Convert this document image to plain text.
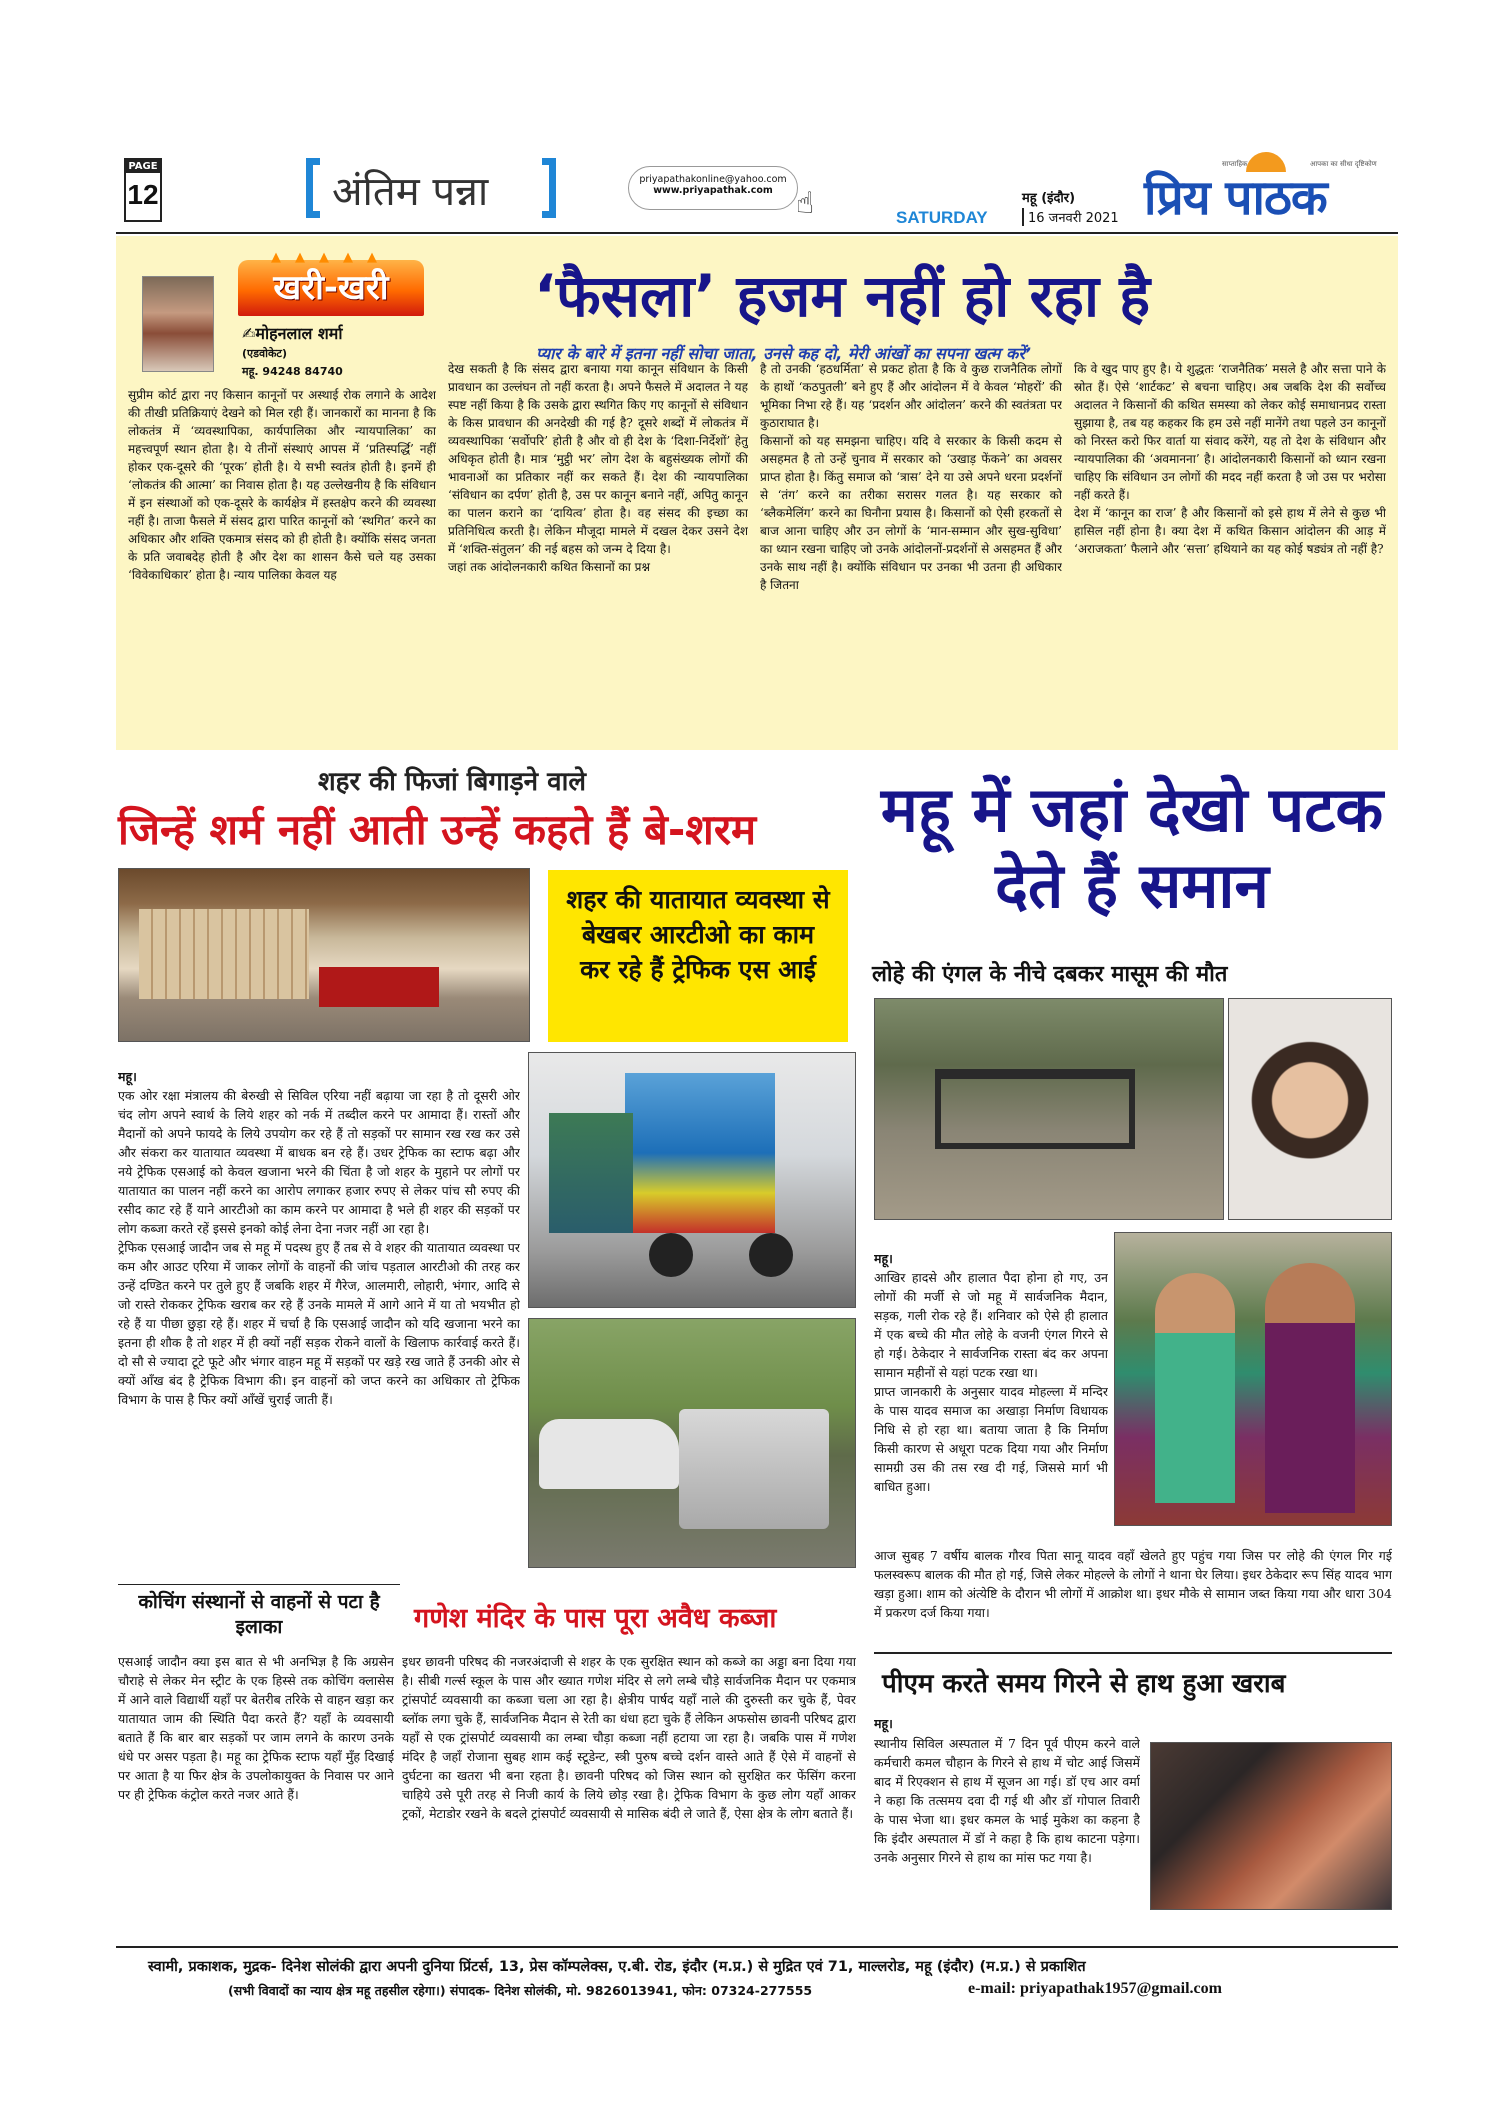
PAGE
12	अंतिम पन्ना	priyapathakonline@yahoo.com
www.priyapathak.com ☝	SATURDAY
महू (इंदौर)
16 जनवरी 2021
साप्ताहिक	आपका का सीधा दृष्टिकोण
प्रिय पाठक
▲▲▲▲▲
खरी-खरी
✍मोहनलाल शर्मा
(एडवोकेट)
महू. 94248 84740
‘फैसला’ हजम नहीं हो रहा है
प्यार के बारे में इतना नहीं सोचा जाता, उनसे कह दो, मेरी आंखों का सपना खत्म करें’
सुप्रीम कोर्ट द्वारा नए किसान कानूनों पर अस्थाई रोक लगाने के आदेश की तीखी प्रतिक्रियाएं देखने को मिल रही हैं। जानकारों का मानना है कि लोकतंत्र में ‘व्यवस्थापिका, कार्यपालिका और न्यायपालिका’ का महत्त्वपूर्ण स्थान होता है। ये तीनों संस्थाएं आपस में ‘प्रतिस्पर्द्धि’ नहीं होकर एक-दूसरे की ‘पूरक’ होती है। ये सभी स्वतंत्र होती है। इनमें ही ‘लोकतंत्र की आत्मा’ का निवास होता है। यह उल्लेखनीय है कि संविधान में इन संस्थाओं को एक-दूसरे के कार्यक्षेत्र में हस्तक्षेप करने की व्यवस्था नहीं है। ताजा फैसले में संसद द्वारा पारित कानूनों को ‘स्थगित’ करने का अधिकार और शक्ति एकमात्र संसद को ही होती है। क्योंकि संसद जनता के प्रति जवाबदेह होती है और देश का शासन कैसे चले यह उसका ‘विवेकाधिकार’ होता है। न्याय पालिका केवल यह
देख सकती है कि संसद द्वारा बनाया गया कानून संविधान के किसी प्रावधान का उल्लंघन तो नहीं करता है। अपने फैसले में अदालत ने यह स्पष्ट नहीं किया है कि उसके द्वारा स्थगित किए गए कानूनों से संविधान के किस प्रावधान की अनदेखी की गई है? दूसरे शब्दों में लोकतंत्र में व्यवस्थापिका ‘सर्वोपरि’ होती है और वो ही देश के ‘दिशा-निर्देशों’ हेतु अधिकृत होती है। मात्र ‘मुट्ठी भर’ लोग देश के बहुसंख्यक लोगों की भावनाओं का प्रतिकार नहीं कर सकते हैं। देश की न्यायपालिका ‘संविधान का दर्पण’ होती है, उस पर कानून बनाने नहीं, अपितु कानून का पालन कराने का ‘दायित्व’ होता है। वह संसद की इच्छा का प्रतिनिधित्व करती है। लेकिन मौजूदा मामले में दखल देकर उसने देश में ‘शक्ति-संतुलन’ की नई बहस को जन्म दे दिया है।
जहां तक आंदोलनकारी कथित किसानों का प्रश्न
है तो उनकी ‘हठधर्मिता’ से प्रकट होता है कि वे कुछ राजनैतिक लोगों के हाथों ‘कठपुतली’ बने हुए हैं और आंदोलन में वे केवल ‘मोहरों’ की भूमिका निभा रहे हैं। यह ‘प्रदर्शन और आंदोलन’ करने की स्वतंत्रता पर कुठाराघात है।
किसानों को यह समझना चाहिए। यदि वे सरकार के किसी कदम से असहमत है तो उन्हें चुनाव में सरकार को ‘उखाड़ फेंकने’ का अवसर प्राप्त होता है। किंतु समाज को ‘त्रास’ देने या उसे अपने धरना प्रदर्शनों से ‘तंग’ करने का तरीका सरासर गलत है। यह सरकार को ‘ब्लैकमेलिंग’ करने का घिनौना प्रयास है। किसानों को ऐसी हरकतों से बाज आना चाहिए और उन लोगों के ‘मान-सम्मान और सुख-सुविधा’ का ध्यान रखना चाहिए जो उनके आंदोलनों-प्रदर्शनों से असहमत हैं और उनके साथ नहीं है। क्योंकि संविधान पर उनका भी उतना ही अधिकार है जितना
कि वे खुद पाए हुए है। ये शुद्धतः ‘राजनैतिक’ मसले है और सत्ता पाने के स्रोत हैं। ऐसे ‘शार्टकट’ से बचना चाहिए। अब जबकि देश की सर्वोच्च अदालत ने किसानों की कथित समस्या को लेकर कोई समाधानप्रद रास्ता सुझाया है, तब यह कहकर कि हम उसे नहीं मानेंगे तथा पहले उन कानूनों को निरस्त करो फिर वार्ता या संवाद करेंगे, यह तो देश के संविधान और न्यायपालिका की ‘अवमानना’ है। आंदोलनकारी किसानों को ध्यान रखना चाहिए कि संविधान उन लोगों की मदद नहीं करता है जो उस पर भरोसा नहीं करते हैं।
देश में ‘कानून का राज’ है और किसानों को इसे हाथ में लेने से कुछ भी हासिल नहीं होना है। क्या देश में कथित किसान आंदोलन की आड़ में ‘अराजकता’ फैलाने और ‘सत्ता’ हथियाने का यह कोई षड्यंत्र तो नहीं है?
शहर की फिजां बिगाड़ने वाले
जिन्हें शर्म नहीं आती उन्हें कहते हैं बे-शरम
शहर की यातायात व्यवस्था से बेखबर आरटीओ का काम कर रहे हैं ट्रेफिक एस आई

महू।
एक ओर रक्षा मंत्रालय की बेरुखी से सिविल एरिया नहीं बढ़ाया जा रहा है तो दूसरी ओर चंद लोग अपने स्वार्थ के लिये शहर को नर्क में तब्दील करने पर आमादा हैं। रास्तों और मैदानों को अपने फायदे के लिये उपयोग कर रहे हैं तो सड़कों पर सामान रख रख कर उसे और संकरा कर यातायात व्यवस्था में बाधक बन रहे हैं। उधर ट्रेफिक का स्टाफ बढ़ा और नये ट्रेफिक एसआई को केवल खजाना भरने की चिंता है जो शहर के मुहाने पर लोगों पर यातायात का पालन नहीं करने का आरोप लगाकर हजार रुपए से लेकर पांच सौ रुपए की रसीद काट रहे हैं याने आरटीओ का काम करने पर आमादा है भले ही शहर की सड़कों पर लोग कब्जा करते रहें इससे इनको कोई लेना देना नजर नहीं आ रहा है।
ट्रेफिक एसआई जादौन जब से महू में पदस्थ हुए हैं तब से वे शहर की यातायात व्यवस्था पर कम और आउट एरिया में जाकर लोगों के वाहनों की जांच पड़ताल आरटीओ की तरह कर उन्हें दण्डित करने पर तुले हुए हैं जबकि शहर में गैरेज, आलमारी, लोहारी, भंगार, आदि से जो रास्ते रोककर ट्रेफिक खराब कर रहे हैं उनके मामले में आगे आने में या तो भयभीत हो रहे हैं या पीछा छुड़ा रहे हैं। शहर में चर्चा है कि एसआई जादौन को यदि खजाना भरने का इतना ही शौक है तो शहर में ही क्यों नहीं सड़क रोकने वालों के खिलाफ कार्रवाई करते हैं। दो सौ से ज्यादा टूटे फूटे और भंगार वाहन महू में सड़कों पर खड़े रख जाते हैं उनकी ओर से क्यों आँख बंद है ट्रेफिक विभाग की। इन वाहनों को जप्त करने का अधिकार तो ट्रेफिक विभाग के पास है फिर क्यों आँखें चुराई जाती हैं।

कोचिंग संस्थानों से वाहनों से पटा है इलाका
एसआई जादौन क्या इस बात से भी अनभिज्ञ है कि अग्रसेन चौराहे से लेकर मेन स्ट्रीट के एक हिस्से तक कोचिंग क्लासेस में आने वाले विद्यार्थी यहाँ पर बेतरीब तरिके से वाहन खड़ा कर यातायात जाम की स्थिति पैदा करते हैं? यहाँ के व्यवसायी बताते हैं कि बार बार सड़कों पर जाम लगने के कारण उनके धंधे पर असर पड़ता है। महू का ट्रेफिक स्टाफ यहाँ मुँह दिखाई पर आता है या फिर क्षेत्र के उपलोकायुक्त के निवास पर आने पर ही ट्रेफिक कंट्रोल करते नजर आते हैं।
गणेश मंदिर के पास पूरा अवैध कब्जा
इधर छावनी परिषद की नजरअंदाजी से शहर के एक सुरक्षित स्थान को कब्जे का अड्डा बना दिया गया है। सीबी गर्ल्स स्कूल के पास और ख्यात गणेश मंदिर से लगे लम्बे चौड़े सार्वजनिक मैदान पर एकमात्र ट्रांसपोर्ट व्यवसायी का कब्जा चला आ रहा है। क्षेत्रीय पार्षद यहाँ नाले की दुरुस्ती कर चुके हैं, पेवर ब्लॉक लगा चुके हैं, सार्वजनिक मैदान से रेती का धंधा हटा चुके हैं लेकिन अफसोस छावनी परिषद द्वारा यहाँ से एक ट्रांसपोर्ट व्यवसायी का लम्बा चौड़ा कब्जा नहीं हटाया जा रहा है। जबकि पास में गणेश मंदिर है जहाँ रोजाना सुबह शाम कई स्टूडेन्ट, स्त्री पुरुष बच्चे दर्शन वास्ते आते हैं ऐसे में वाहनों से दुर्घटना का खतरा भी बना रहता है। छावनी परिषद को जिस स्थान को सुरक्षित कर फेंसिंग करना चाहिये उसे पूरी तरह से निजी कार्य के लिये छोड़ रखा है। ट्रेफिक विभाग के कुछ लोग यहाँ आकर ट्रकों, मेटाडोर रखने के बदले ट्रांसपोर्ट व्यवसायी से मासिक बंदी ले जाते हैं, ऐसा क्षेत्र के लोग बताते हैं।
महू में जहां देखो पटक देते हैं समान
लोहे की एंगल के नीचे दबकर मासूम की मौत

महू।
आखिर हादसे और हालात पैदा होना हो गए, उन लोगों की मर्जी से जो महू में सार्वजनिक मैदान, सड़क, गली रोक रहे हैं। शनिवार को ऐसे ही हालात में एक बच्चे की मौत लोहे के वजनी एंगल गिरने से हो गई। ठेकेदार ने सार्वजनिक रास्ता बंद कर अपना सामान महीनों से यहां पटक रखा था।
प्राप्त जानकारी के अनुसार यादव मोहल्ला में मन्दिर के पास यादव समाज का अखाड़ा निर्माण विधायक निधि से हो रहा था। बताया जाता है कि निर्माण किसी कारण से अधूरा पटक दिया गया और निर्माण सामग्री उस की तस रख दी गई, जिससे मार्ग भी बाधित हुआ।

आज सुबह 7 वर्षीय बालक गौरव पिता सानू यादव वहाँ खेलते हुए पहुंच गया जिस पर लोहे की एंगल गिर गई फलस्वरूप बालक की मौत हो गई, जिसे लेकर मोहल्ले के लोगों ने थाना घेर लिया। इधर ठेकेदार रूप सिंह यादव भाग खड़ा हुआ। शाम को अंत्येष्टि के दौरान भी लोगों में आक्रोश था। इधर मौके से सामान जब्त किया गया और धारा 304 में प्रकरण दर्ज किया गया।
पीएम करते समय गिरने से हाथ हुआ खराब
महू।
स्थानीय सिविल अस्पताल में 7 दिन पूर्व पीएम करने वाले कर्मचारी कमल चौहान के गिरने से हाथ में चोट आई जिसमें बाद में रिएक्शन से हाथ में सूजन आ गई। डॉ एच आर वर्मा ने कहा कि तत्समय दवा दी गई थी और डॉ गोपाल तिवारी के पास भेजा था। इधर कमल के भाई मुकेश का कहना है कि इंदौर अस्पताल में डॉ ने कहा है कि हाथ काटना पड़ेगा। उनके अनुसार गिरने से हाथ का मांस फट गया है।
स्वामी, प्रकाशक, मुद्रक- दिनेश सोलंकी द्वारा अपनी दुनिया प्रिंटर्स, 13, प्रेस कॉम्पलेक्स, ए.बी. रोड, इंदौर (म.प्र.) से मुद्रित एवं 71, माल्लरोड, महू (इंदौर) (म.प्र.) से प्रकाशित
(सभी विवादों का न्याय क्षेत्र महू तहसील रहेगा।) संपादक- दिनेश सोलंकी, मो. 9826013941, फोन: 07324-277555	e-mail: priyapathak1957@gmail.com
